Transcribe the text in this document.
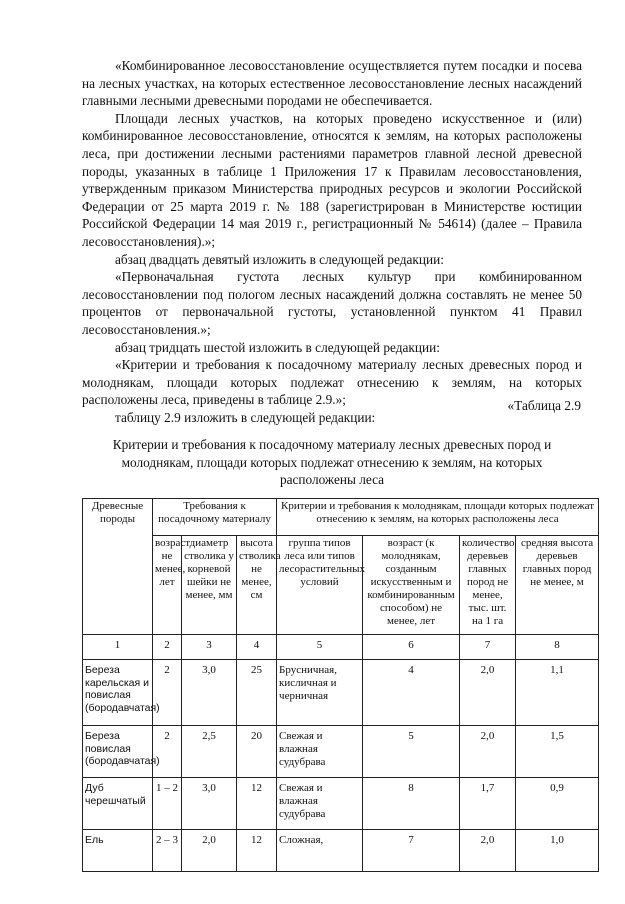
«Комбинированное лесовосстановление осуществляется путем посадки и посева на лесных участках, на которых естественное лесовосстановление лесных насаждений главными лесными древесными породами не обеспечивается.

Площади лесных участков, на которых проведено искусственное и (или) комбинированное лесовосстановление, относятся к землям, на которых расположены леса, при достижении лесными растениями параметров главной лесной древесной породы, указанных в таблице 1 Приложения 17 к Правилам лесовосстановления, утвержденным приказом Министерства природных ресурсов и экологии Российской Федерации от 25 марта 2019 г. № 188 (зарегистрирован в Министерстве юстиции Российской Федерации 14 мая 2019 г., регистрационный № 54614) (далее – Правила лесовосстановления).»;

абзац двадцать девятый изложить в следующей редакции:

«Первоначальная густота лесных культур при комбинированном лесовосстановлении под пологом лесных насаждений должна составлять не менее 50 процентов от первоначальной густоты, установленной пунктом 41 Правил лесовосстановления.»;

абзац тридцать шестой изложить в следующей редакции:

«Критерии и требования к посадочному материалу лесных древесных пород и молоднякам, площади которых подлежат отнесению к землям, на которых расположены леса, приведены в таблице 2.9.»;

таблицу 2.9 изложить в следующей редакции:

«Таблица 2.9

Критерии и требования к посадочному материалу лесных древесных пород и молоднякам, площади которых подлежат отнесению к землям, на которых

расположены леса

Древесные породы	Требования к посадочному материалу			Критерии и требования к молоднякам, площади которых подлежат отнесению к землям, на которых расположены леса			
	возраст не менее, лет	диаметр стволика у корневой шейки не менее, мм	высота стволика не менее, см	группа типов леса или типов лесорастительных условий	возраст (к молоднякам, созданным искусственным и комбинированным способом) не менее, лет	количество деревьев главных пород не менее, тыс. шт. на 1 га	средняя высота деревьев главных пород не менее, м
1	2	3	4	5	6	7	8
Береза карельская и повислая (бородавчатая)	2	3,0	25	Брусничная, кисличная и черничная	4	2,0	1,1
Береза повислая (бородавчатая)	2	2,5	20	Свежая и влажная судубрава	5	2,0	1,5
Дуб черешчатый	1 – 2	3,0	12	Свежая и влажная судубрава	8	1,7	0,9
Ель	2 – 3	2,0	12	Сложная,	7	2,0	1,0
